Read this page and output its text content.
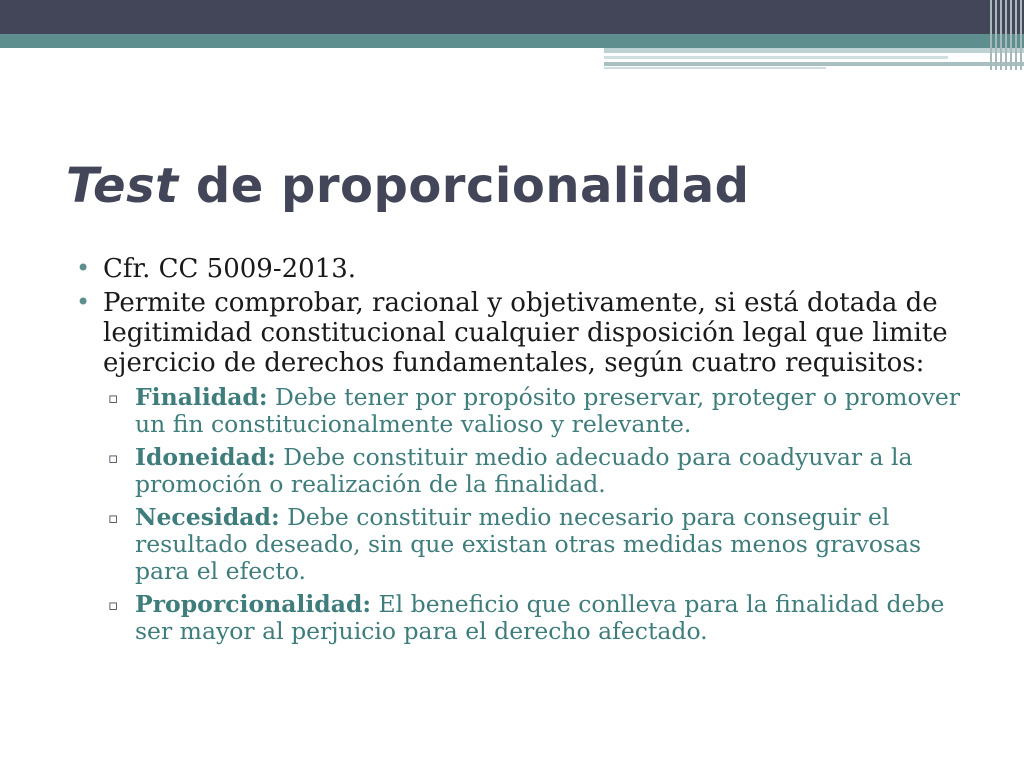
Test de proporcionalidad
• Cfr. CC 5009-2013.
• Permite comprobar, racional y objetivamente, si está dotada de legitimidad constitucional cualquier disposición legal que limite ejercicio de derechos fundamentales, según cuatro requisitos:
▫ Finalidad: Debe tener por propósito preservar, proteger o promover un fin constitucionalmente valioso y relevante.
▫ Idoneidad: Debe constituir medio adecuado para coadyuvar a la promoción o realización de la finalidad.
▫ Necesidad: Debe constituir medio necesario para conseguir el resultado deseado, sin que existan otras medidas menos gravosas para el efecto.
▫ Proporcionalidad: El beneficio que conlleva para la finalidad debe ser mayor al perjuicio para el derecho afectado.
